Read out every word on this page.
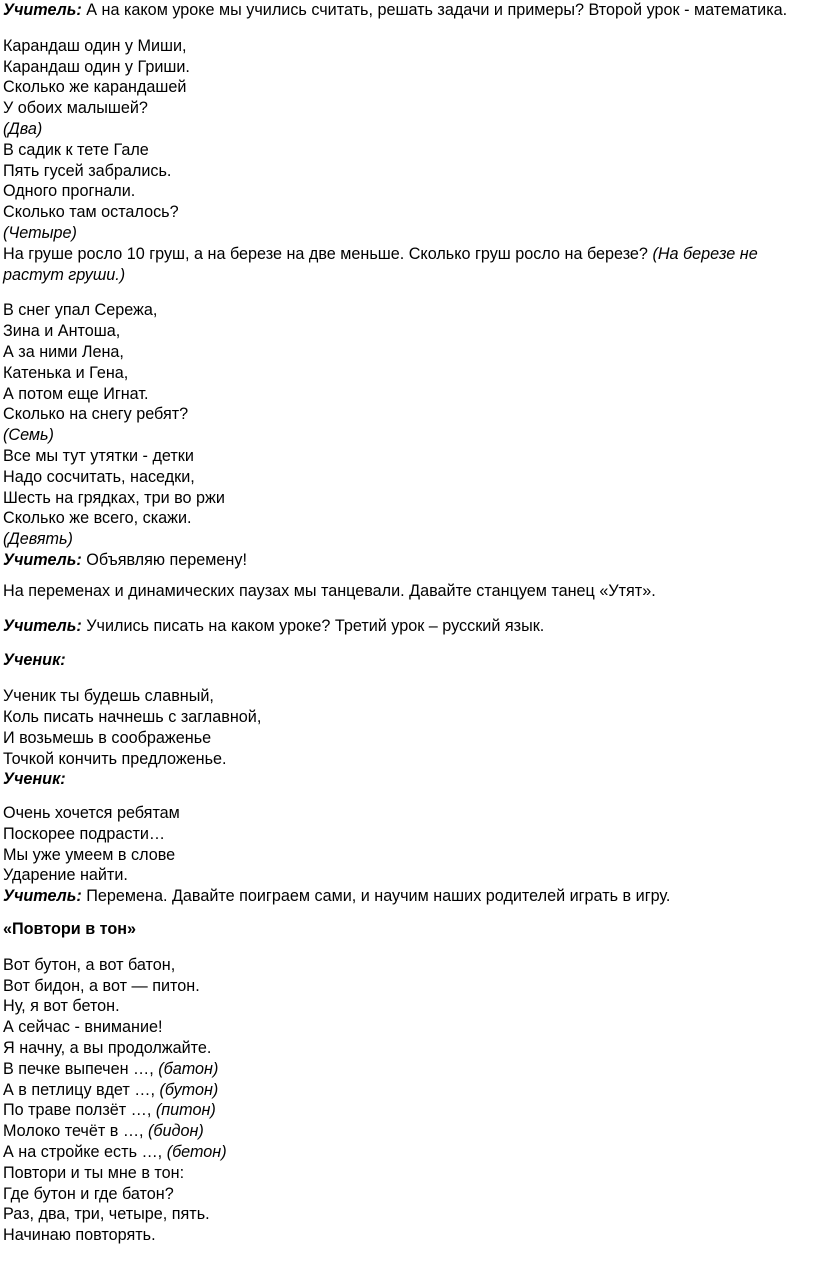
Учитель: А на каком уроке мы учились считать, решать задачи и примеры? Второй урок - математика.

Карандаш один у Миши,
Карандаш один у Гриши.
Сколько же карандашей
У обоих малышей?
(Два)
В садик к тете Гале
Пять гусей забрались.
Одного прогнали.
Сколько там осталось?
(Четыре)

На груше росло 10 груш, а на березе на две меньше. Сколько груш росло на березе? (На березе не растут груши.)

В снег упал Сережа,
Зина и Антоша,
А за ними Лена,
Катенька и Гена,
А потом еще Игнат.
Сколько на снегу ребят?
(Семь)
Все мы тут утятки - детки
Надо сосчитать, наседки,
Шесть на грядках, три во ржи
Сколько же всего, скажи.
(Девять)
Учитель: Объявляю перемену!

На переменах и динамических паузах мы танцевали. Давайте станцуем танец «Утят».

Учитель: Учились писать на каком уроке? Третий урок – русский язык.

Ученик:

Ученик ты будешь славный,
Коль писать начнешь с заглавной,
И возьмешь в соображенье
Точкой кончить предложенье.
Ученик:
Очень хочется ребятам
Поскорее подрасти…
Мы уже умеем в слове
Ударение найти.
Учитель: Перемена. Давайте поиграем сами, и научим наших родителей играть в игру.

«Повтори в тон»

Вот бутон, а вот батон,
Вот бидон, а вот — питон.
Ну, я вот бетон.
А сейчас - внимание!
Я начну, а вы продолжайте.
В печке выпечен …, (батон)
А в петлицу вдет …, (бутон)
По траве ползёт …, (питон)
Молоко течёт в …, (бидон)
А на стройке есть …, (бетон)
Повтори и ты мне в тон:
Где бутон и где батон?
Раз, два, три, четыре, пять.
Начинаю повторять.
